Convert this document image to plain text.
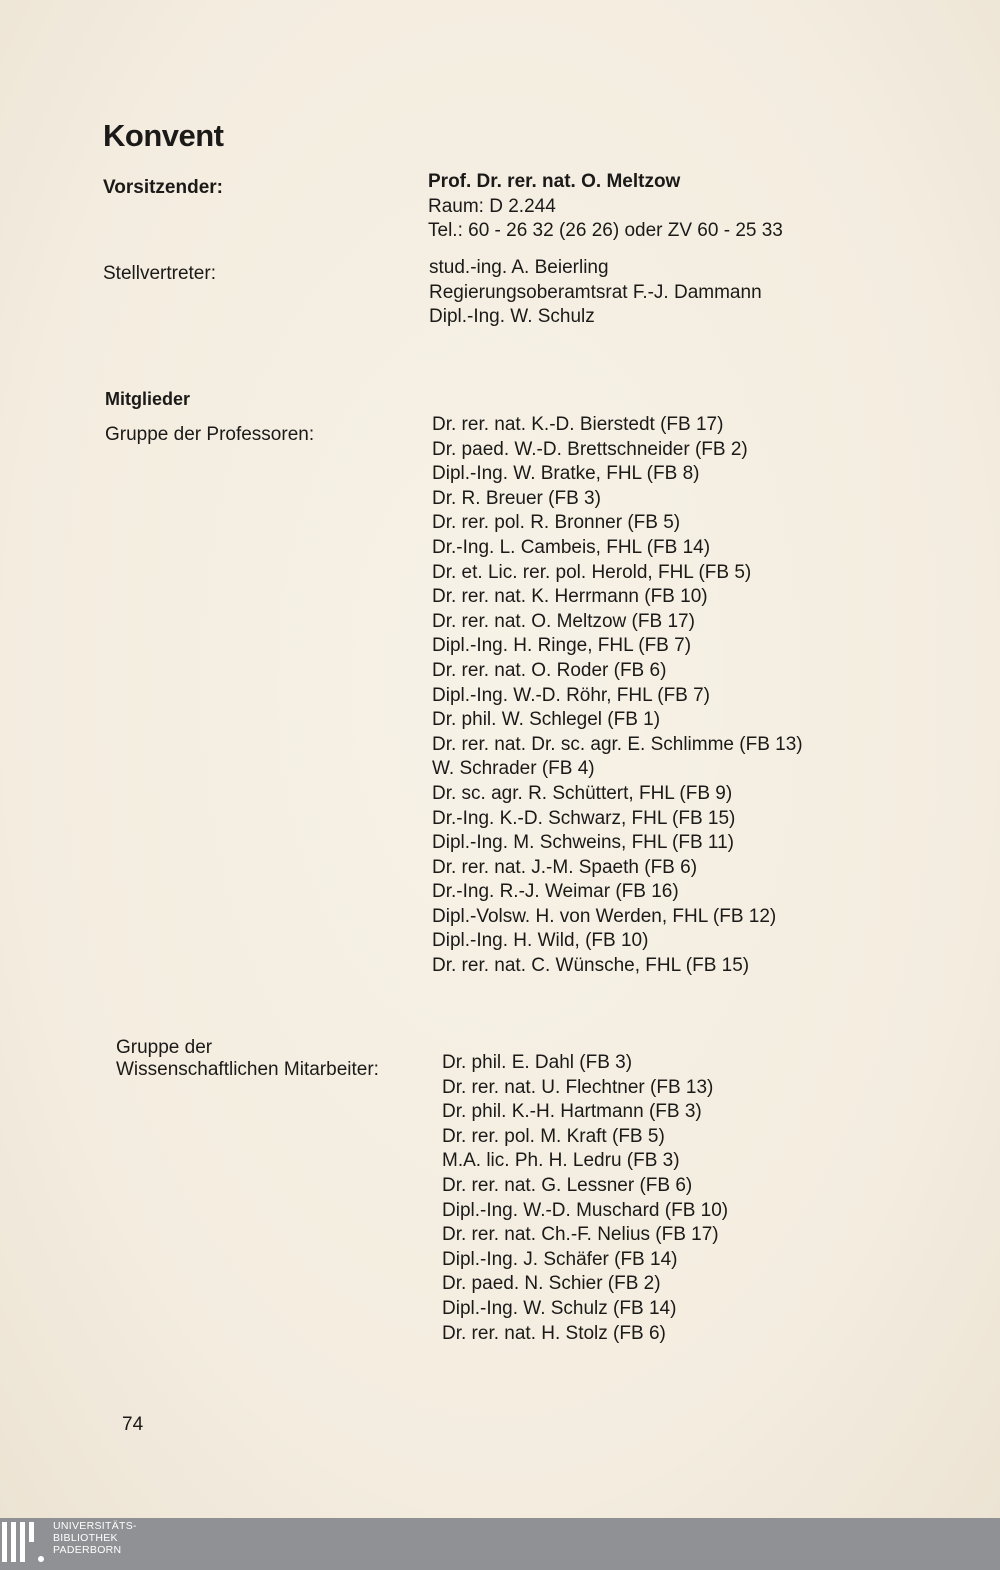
Konvent
Vorsitzender:	Prof. Dr. rer. nat. O. Meltzow
Raum: D 2.244
Tel.: 60 - 26 32 (26 26) oder ZV 60 - 25 33
Stellvertreter:	stud.-ing. A. Beierling
Regierungsoberamtsrat F.-J. Dammann
Dipl.-Ing. W. Schulz
Mitglieder
Gruppe der Professoren:	Dr. rer. nat. K.-D. Bierstedt (FB 17)
Dr. paed. W.-D. Brettschneider (FB 2)
Dipl.-Ing. W. Bratke, FHL (FB 8)
Dr. R. Breuer (FB 3)
Dr. rer. pol. R. Bronner (FB 5)
Dr.-Ing. L. Cambeis, FHL (FB 14)
Dr. et. Lic. rer. pol. Herold, FHL (FB 5)
Dr. rer. nat. K. Herrmann (FB 10)
Dr. rer. nat. O. Meltzow (FB 17)
Dipl.-Ing. H. Ringe, FHL (FB 7)
Dr. rer. nat. O. Roder (FB 6)
Dipl.-Ing. W.-D. Röhr, FHL (FB 7)
Dr. phil. W. Schlegel (FB 1)
Dr. rer. nat. Dr. sc. agr. E. Schlimme (FB 13)
W. Schrader (FB 4)
Dr. sc. agr. R. Schüttert, FHL (FB 9)
Dr.-Ing. K.-D. Schwarz, FHL (FB 15)
Dipl.-Ing. M. Schweins, FHL (FB 11)
Dr. rer. nat. J.-M. Spaeth (FB 6)
Dr.-Ing. R.-J. Weimar (FB 16)
Dipl.-Volsw. H. von Werden, FHL (FB 12)
Dipl.-Ing. H. Wild, (FB 10)
Dr. rer. nat. C. Wünsche, FHL (FB 15)
Gruppe der
Wissenschaftlichen Mitarbeiter:	Dr. phil. E. Dahl (FB 3)
Dr. rer. nat. U. Flechtner (FB 13)
Dr. phil. K.-H. Hartmann (FB 3)
Dr. rer. pol. M. Kraft (FB 5)
M.A. lic. Ph. H. Ledru (FB 3)
Dr. rer. nat. G. Lessner (FB 6)
Dipl.-Ing. W.-D. Muschard (FB 10)
Dr. rer. nat. Ch.-F. Nelius (FB 17)
Dipl.-Ing. J. Schäfer (FB 14)
Dr. paed. N. Schier (FB 2)
Dipl.-Ing. W. Schulz (FB 14)
Dr. rer. nat. H. Stolz (FB 6)
74
UNIVERSITÄTS-
BIBLIOTHEK
PADERBORN
